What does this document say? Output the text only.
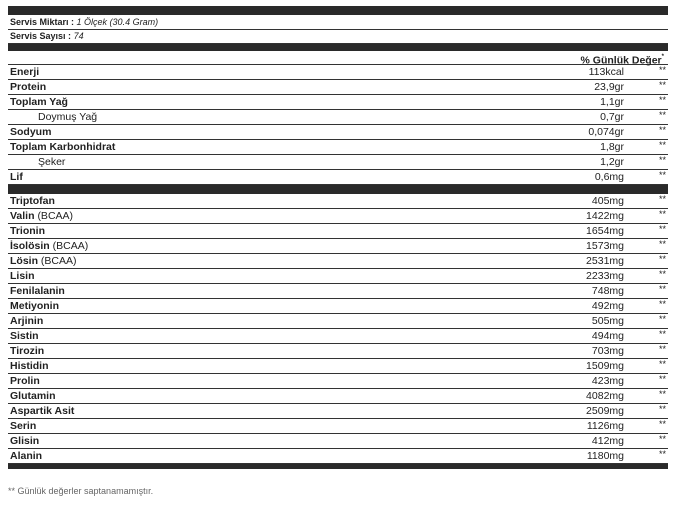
Servis Miktarı : 1 Ölçek (30.4 Gram)
Servis Sayısı : 74
% Günlük Değer*
Enerji	113kcal	**
Protein	23,9gr	**
Toplam Yağ	1,1gr	**
Doymuş Yağ	0,7gr	**
Sodyum	0,074gr	**
Toplam Karbonhidrat	1,8gr	**
Şeker	1,2gr	**
Lif	0,6mg	**
Triptofan	405mg	**
Valin (BCAA)	1422mg	**
Trionin	1654mg	**
İsolösin (BCAA)	1573mg	**
Lösin (BCAA)	2531mg	**
Lisin	2233mg	**
Fenilalanin	748mg	**
Metiyonin	492mg	**
Arjinin	505mg	**
Sistin	494mg	**
Tirozin	703mg	**
Histidin	1509mg	**
Prolin	423mg	**
Glutamin	4082mg	**
Aspartik Asit	2509mg	**
Serin	1126mg	**
Glisin	412mg	**
Alanin	1180mg	**
** Günlük değerler saptanamamıştır.
